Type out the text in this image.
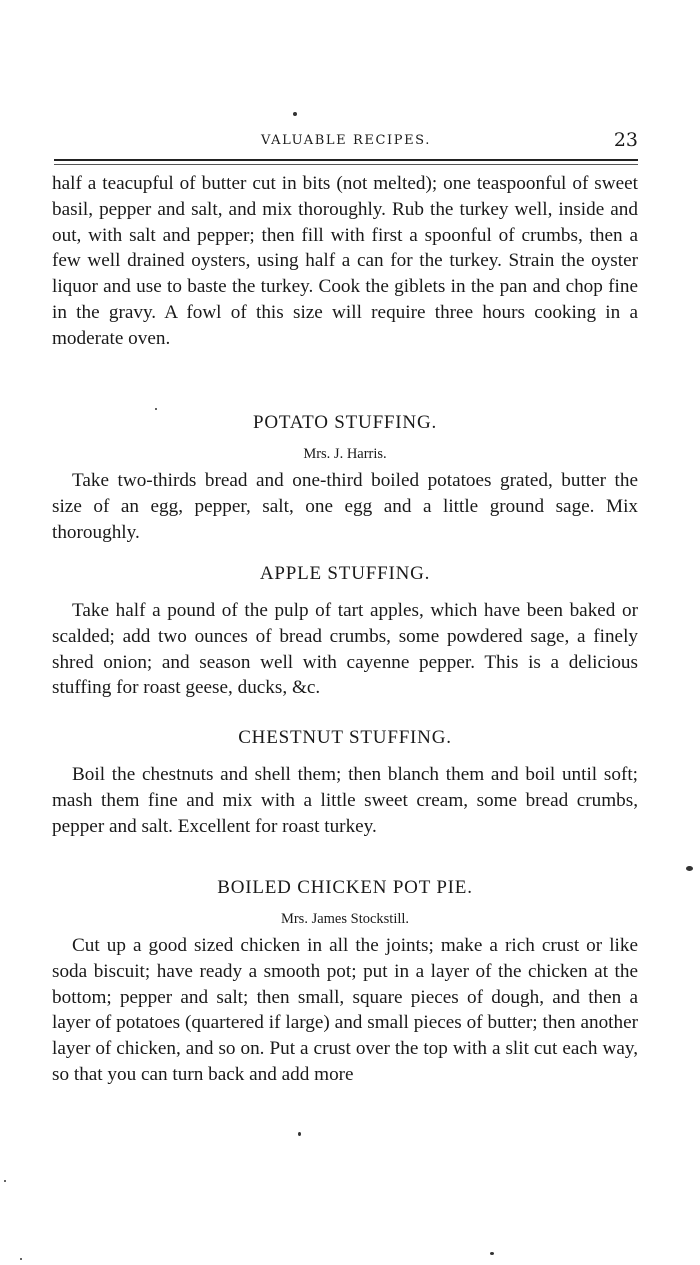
VALUABLE RECIPES.	23

half a teacupful of butter cut in bits (not melted); one teaspoonful of sweet basil, pepper and salt, and mix thoroughly. Rub the turkey well, inside and out, with salt and pepper; then fill with first a spoonful of crumbs, then a few well drained oysters, using half a can for the turkey. Strain the oyster liquor and use to baste the turkey. Cook the giblets in the pan and chop fine in the gravy. A fowl of this size will require three hours cooking in a moderate oven.

POTATO STUFFING.
Mrs. J. Harris.

Take two-thirds bread and one-third boiled potatoes grated, butter the size of an egg, pepper, salt, one egg and a little ground sage. Mix thoroughly.

APPLE STUFFING.

Take half a pound of the pulp of tart apples, which have been baked or scalded; add two ounces of bread crumbs, some powdered sage, a finely shred onion; and season well with cayenne pepper. This is a delicious stuffing for roast geese, ducks, &c.

CHESTNUT STUFFING.

Boil the chestnuts and shell them; then blanch them and boil until soft; mash them fine and mix with a little sweet cream, some bread crumbs, pepper and salt. Excellent for roast turkey.

BOILED CHICKEN POT PIE.
Mrs. James Stockstill.

Cut up a good sized chicken in all the joints; make a rich crust or like soda biscuit; have ready a smooth pot; put in a layer of the chicken at the bottom; pepper and salt; then small, square pieces of dough, and then a layer of potatoes (quartered if large) and small pieces of butter; then another layer of chicken, and so on. Put a crust over the top with a slit cut each way, so that you can turn back and add more
